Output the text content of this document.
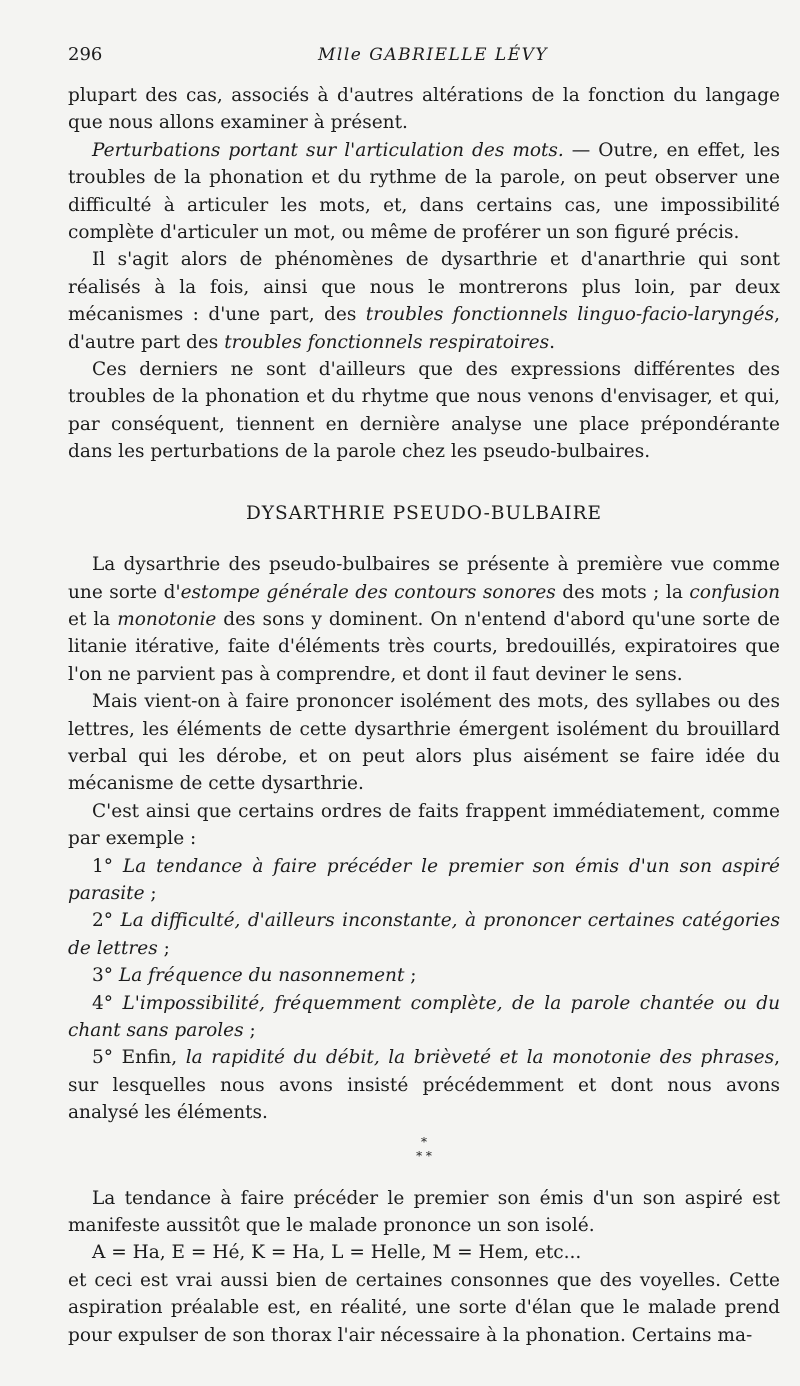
296	Mlle GABRIELLE LÉVY

plupart des cas, associés à d'autres altérations de la fonction du langage que nous allons examiner à présent.

Perturbations portant sur l'articulation des mots. — Outre, en effet, les troubles de la phonation et du rythme de la parole, on peut observer une difficulté à articuler les mots, et, dans certains cas, une impossibilité complète d'articuler un mot, ou même de proférer un son figuré précis.

Il s'agit alors de phénomènes de dysarthrie et d'anarthrie qui sont réalisés à la fois, ainsi que nous le montrerons plus loin, par deux mécanismes : d'une part, des troubles fonctionnels linguo-facio-laryngés, d'autre part des troubles fonctionnels respiratoires.

Ces derniers ne sont d'ailleurs que des expressions différentes des troubles de la phonation et du rhytme que nous venons d'envisager, et qui, par conséquent, tiennent en dernière analyse une place prépondérante dans les perturbations de la parole chez les pseudo-bulbaires.

DYSARTHRIE PSEUDO-BULBAIRE

La dysarthrie des pseudo-bulbaires se présente à première vue comme une sorte d'estompe générale des contours sonores des mots ; la confusion et la monotonie des sons y dominent. On n'entend d'abord qu'une sorte de litanie itérative, faite d'éléments très courts, bredouillés, expiratoires que l'on ne parvient pas à comprendre, et dont il faut deviner le sens.

Mais vient-on à faire prononcer isolément des mots, des syllabes ou des lettres, les éléments de cette dysarthrie émergent isolément du brouillard verbal qui les dérobe, et on peut alors plus aisément se faire idée du mécanisme de cette dysarthrie.

C'est ainsi que certains ordres de faits frappent immédiatement, comme par exemple :

1° La tendance à faire précéder le premier son émis d'un son aspiré parasite ;

2° La difficulté, d'ailleurs inconstante, à prononcer certaines catégories de lettres ;

3° La fréquence du nasonnement ;

4° L'impossibilité, fréquemment complète, de la parole chantée ou du chant sans paroles ;

5° Enfin, la rapidité du débit, la brièveté et la monotonie des phrases, sur lesquelles nous avons insisté précédemment et dont nous avons analysé les éléments.

*
* *

La tendance à faire précéder le premier son émis d'un son aspiré est manifeste aussitôt que le malade prononce un son isolé.

A = Ha, E = Hé, K = Ha, L = Helle, M = Hem, etc...

et ceci est vrai aussi bien de certaines consonnes que des voyelles. Cette aspiration préalable est, en réalité, une sorte d'élan que le malade prend pour expulser de son thorax l'air nécessaire à la phonation. Certains ma-
